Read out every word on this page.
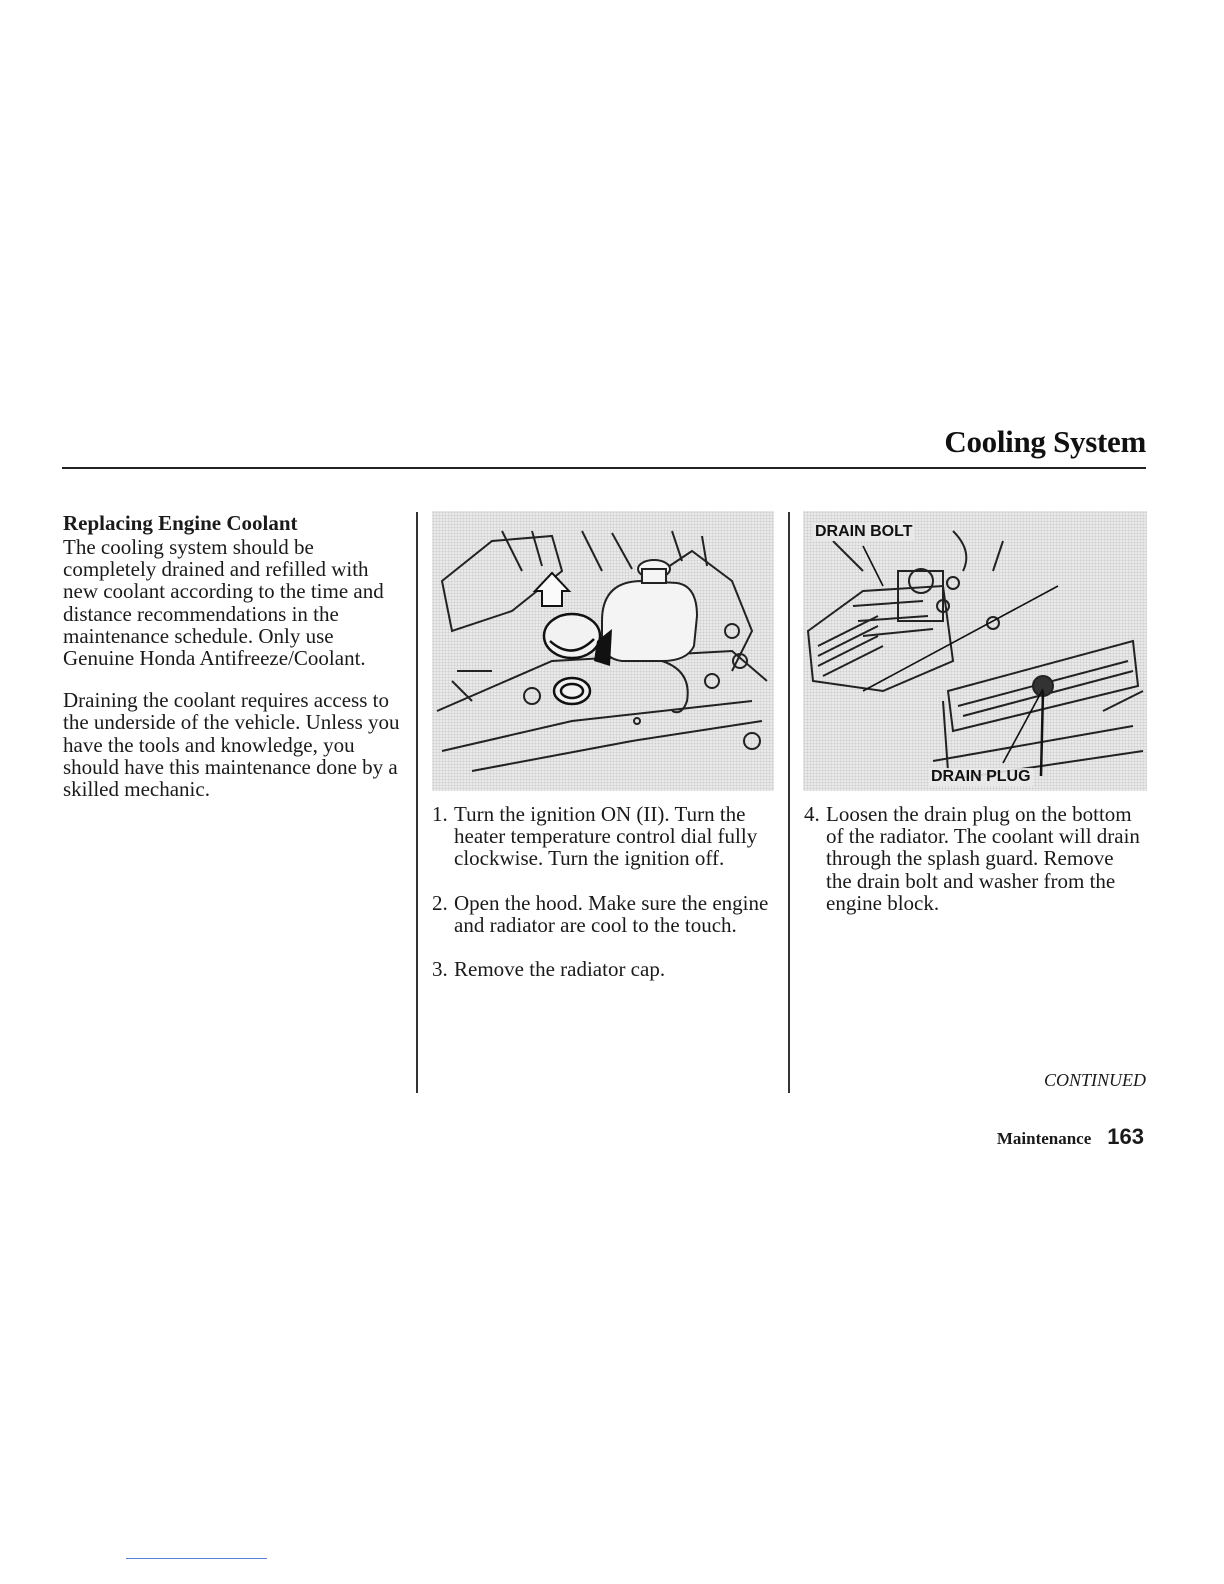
Cooling System
Replacing Engine Coolant

The cooling system should be completely drained and refilled with new coolant according to the time and distance recommendations in the maintenance schedule. Only use Genuine Honda Antifreeze/Coolant.

Draining the coolant requires access to the underside of the vehicle. Unless you have the tools and knowledge, you should have this maintenance done by a skilled mechanic.

DRAIN BOLT
DRAIN PLUG
1. Turn the ignition ON (II). Turn the heater temperature control dial fully clockwise. Turn the ignition off.
2. Open the hood. Make sure the engine and radiator are cool to the touch.
3. Remove the radiator cap.
4. Loosen the drain plug on the bottom of the radiator. The coolant will drain through the splash guard. Remove the drain bolt and washer from the engine block.
CONTINUED
Maintenance 163
